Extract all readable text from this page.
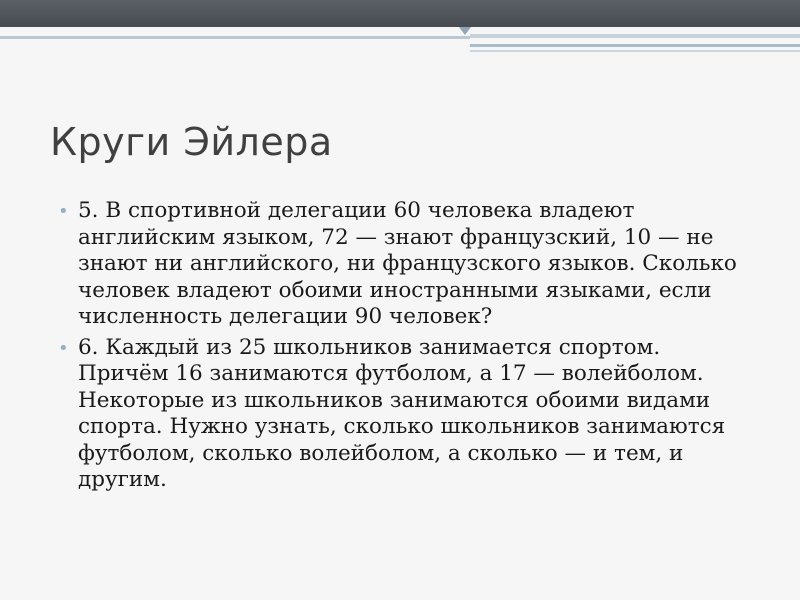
Круги Эйлера
• 5. В спортивной делегации 60 человека владеют английским языком, 72 — знают французский, 10 — не знают ни английского, ни французского языков. Сколько человек владеют обоими иностранными языками, если численность делегации 90 человек?
• 6. Каждый из 25 школьников занимается спортом. Причём 16 занимаются футболом, а 17 — волейболом. Некоторые из школьников занимаются обоими видами спорта. Нужно узнать, сколько школьников занимаются футболом, сколько волейболом, а сколько — и тем, и другим.
